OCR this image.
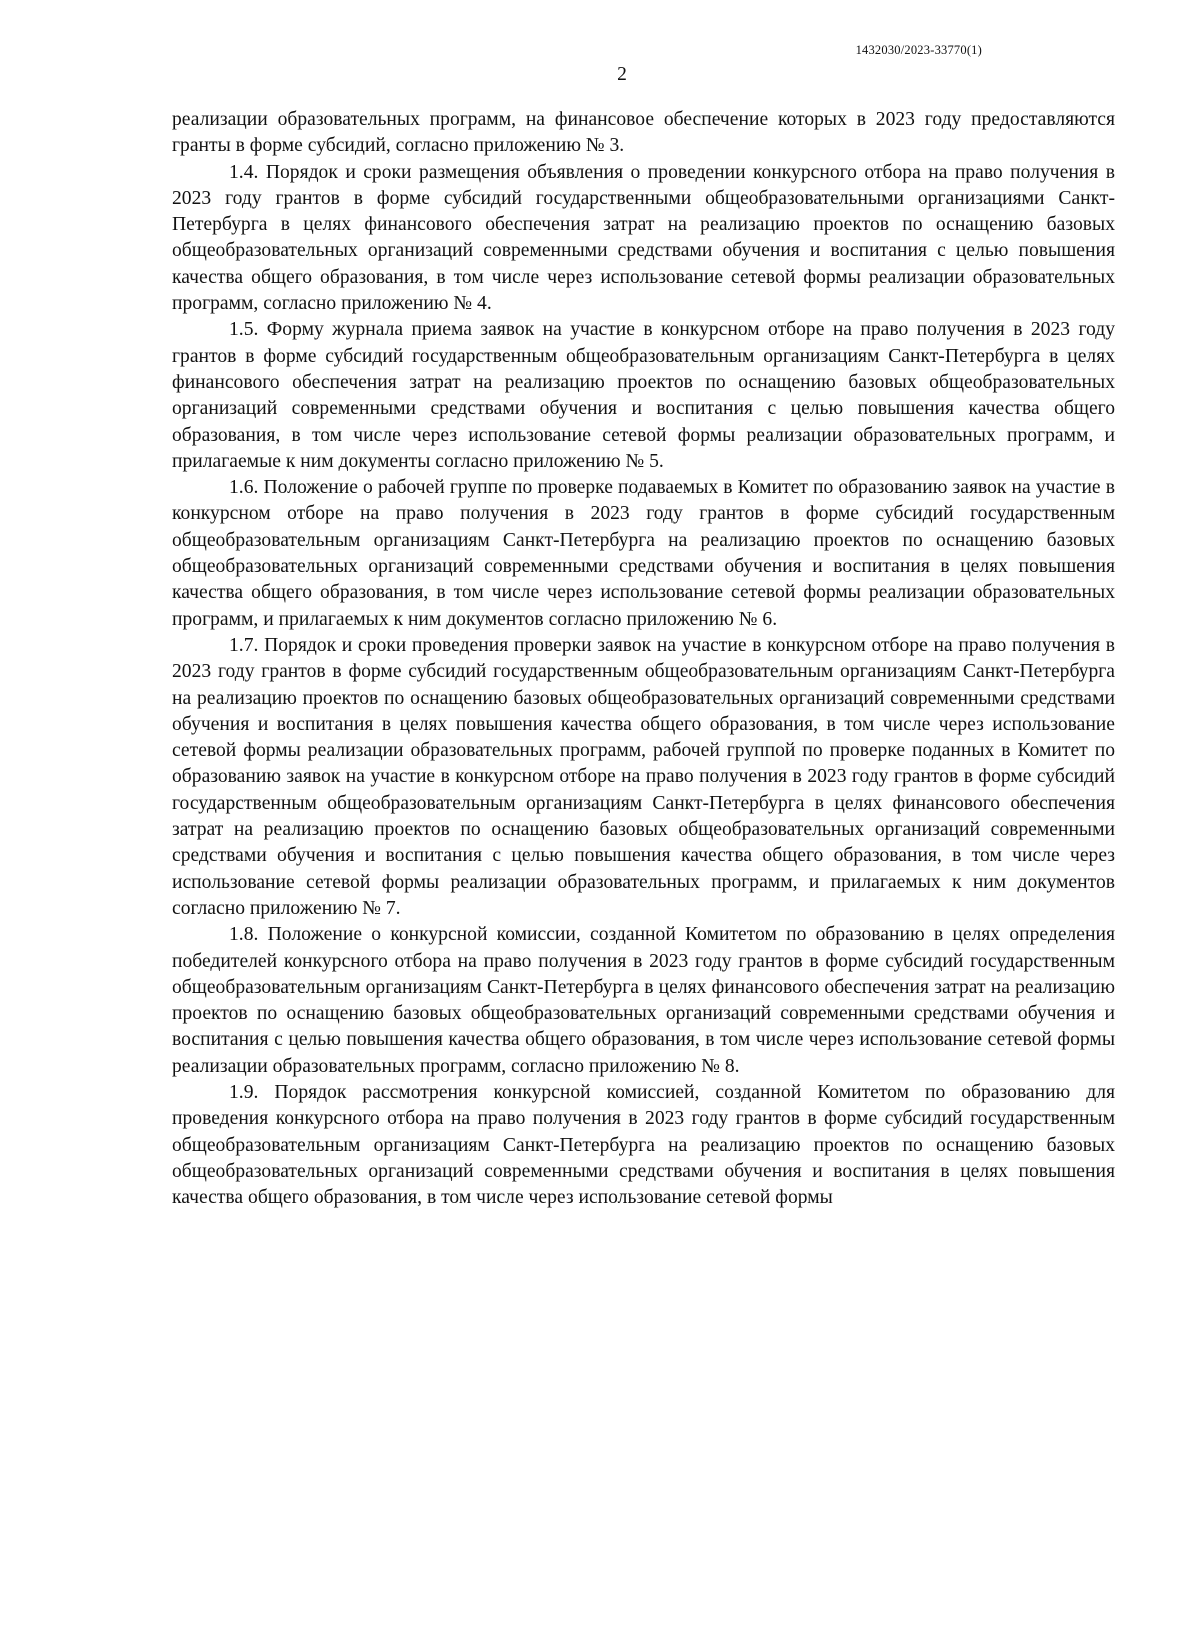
1432030/2023-33770(1)
2

реализации образовательных программ, на финансовое обеспечение которых в 2023 году предоставляются гранты в форме субсидий, согласно приложению № 3.

1.4. Порядок и сроки размещения объявления о проведении конкурсного отбора на право получения в 2023 году грантов в форме субсидий государственными общеобразовательными организациями Санкт-Петербурга в целях финансового обеспечения затрат на реализацию проектов по оснащению базовых общеобразовательных организаций современными средствами обучения и воспитания с целью повышения качества общего образования, в том числе через использование сетевой формы реализации образовательных программ, согласно приложению № 4.

1.5. Форму журнала приема заявок на участие в конкурсном отборе на право получения в 2023 году грантов в форме субсидий государственным общеобразовательным организациям Санкт-Петербурга в целях финансового обеспечения затрат на реализацию проектов по оснащению базовых общеобразовательных организаций современными средствами обучения и воспитания с целью повышения качества общего образования, в том числе через использование сетевой формы реализации образовательных программ, и прилагаемые к ним документы согласно приложению № 5.

1.6. Положение о рабочей группе по проверке подаваемых в Комитет по образованию заявок на участие в конкурсном отборе на право получения в 2023 году грантов в форме субсидий государственным общеобразовательным организациям Санкт-Петербурга на реализацию проектов по оснащению базовых общеобразовательных организаций современными средствами обучения и воспитания в целях повышения качества общего образования, в том числе через использование сетевой формы реализации образовательных программ, и прилагаемых к ним документов согласно приложению № 6.

1.7. Порядок и сроки проведения проверки заявок на участие в конкурсном отборе на право получения в 2023 году грантов в форме субсидий государственным общеобразовательным организациям Санкт-Петербурга на реализацию проектов по оснащению базовых общеобразовательных организаций современными средствами обучения и воспитания в целях повышения качества общего образования, в том числе через использование сетевой формы реализации образовательных программ, рабочей группой по проверке поданных в Комитет по образованию заявок на участие в конкурсном отборе на право получения в 2023 году грантов в форме субсидий государственным общеобразовательным организациям Санкт-Петербурга в целях финансового обеспечения затрат на реализацию проектов по оснащению базовых общеобразовательных организаций современными средствами обучения и воспитания с целью повышения качества общего образования, в том числе через использование сетевой формы реализации образовательных программ, и прилагаемых к ним документов согласно приложению № 7.

1.8. Положение о конкурсной комиссии, созданной Комитетом по образованию в целях определения победителей конкурсного отбора на право получения в 2023 году грантов в форме субсидий государственным общеобразовательным организациям Санкт-Петербурга в целях финансового обеспечения затрат на реализацию проектов по оснащению базовых общеобразовательных организаций современными средствами обучения и воспитания с целью повышения качества общего образования, в том числе через использование сетевой формы реализации образовательных программ, согласно приложению № 8.

1.9. Порядок рассмотрения конкурсной комиссией, созданной Комитетом по образованию для проведения конкурсного отбора на право получения в 2023 году грантов в форме субсидий государственным общеобразовательным организациям Санкт-Петербурга на реализацию проектов по оснащению базовых общеобразовательных организаций современными средствами обучения и воспитания в целях повышения качества общего образования, в том числе через использование сетевой формы
